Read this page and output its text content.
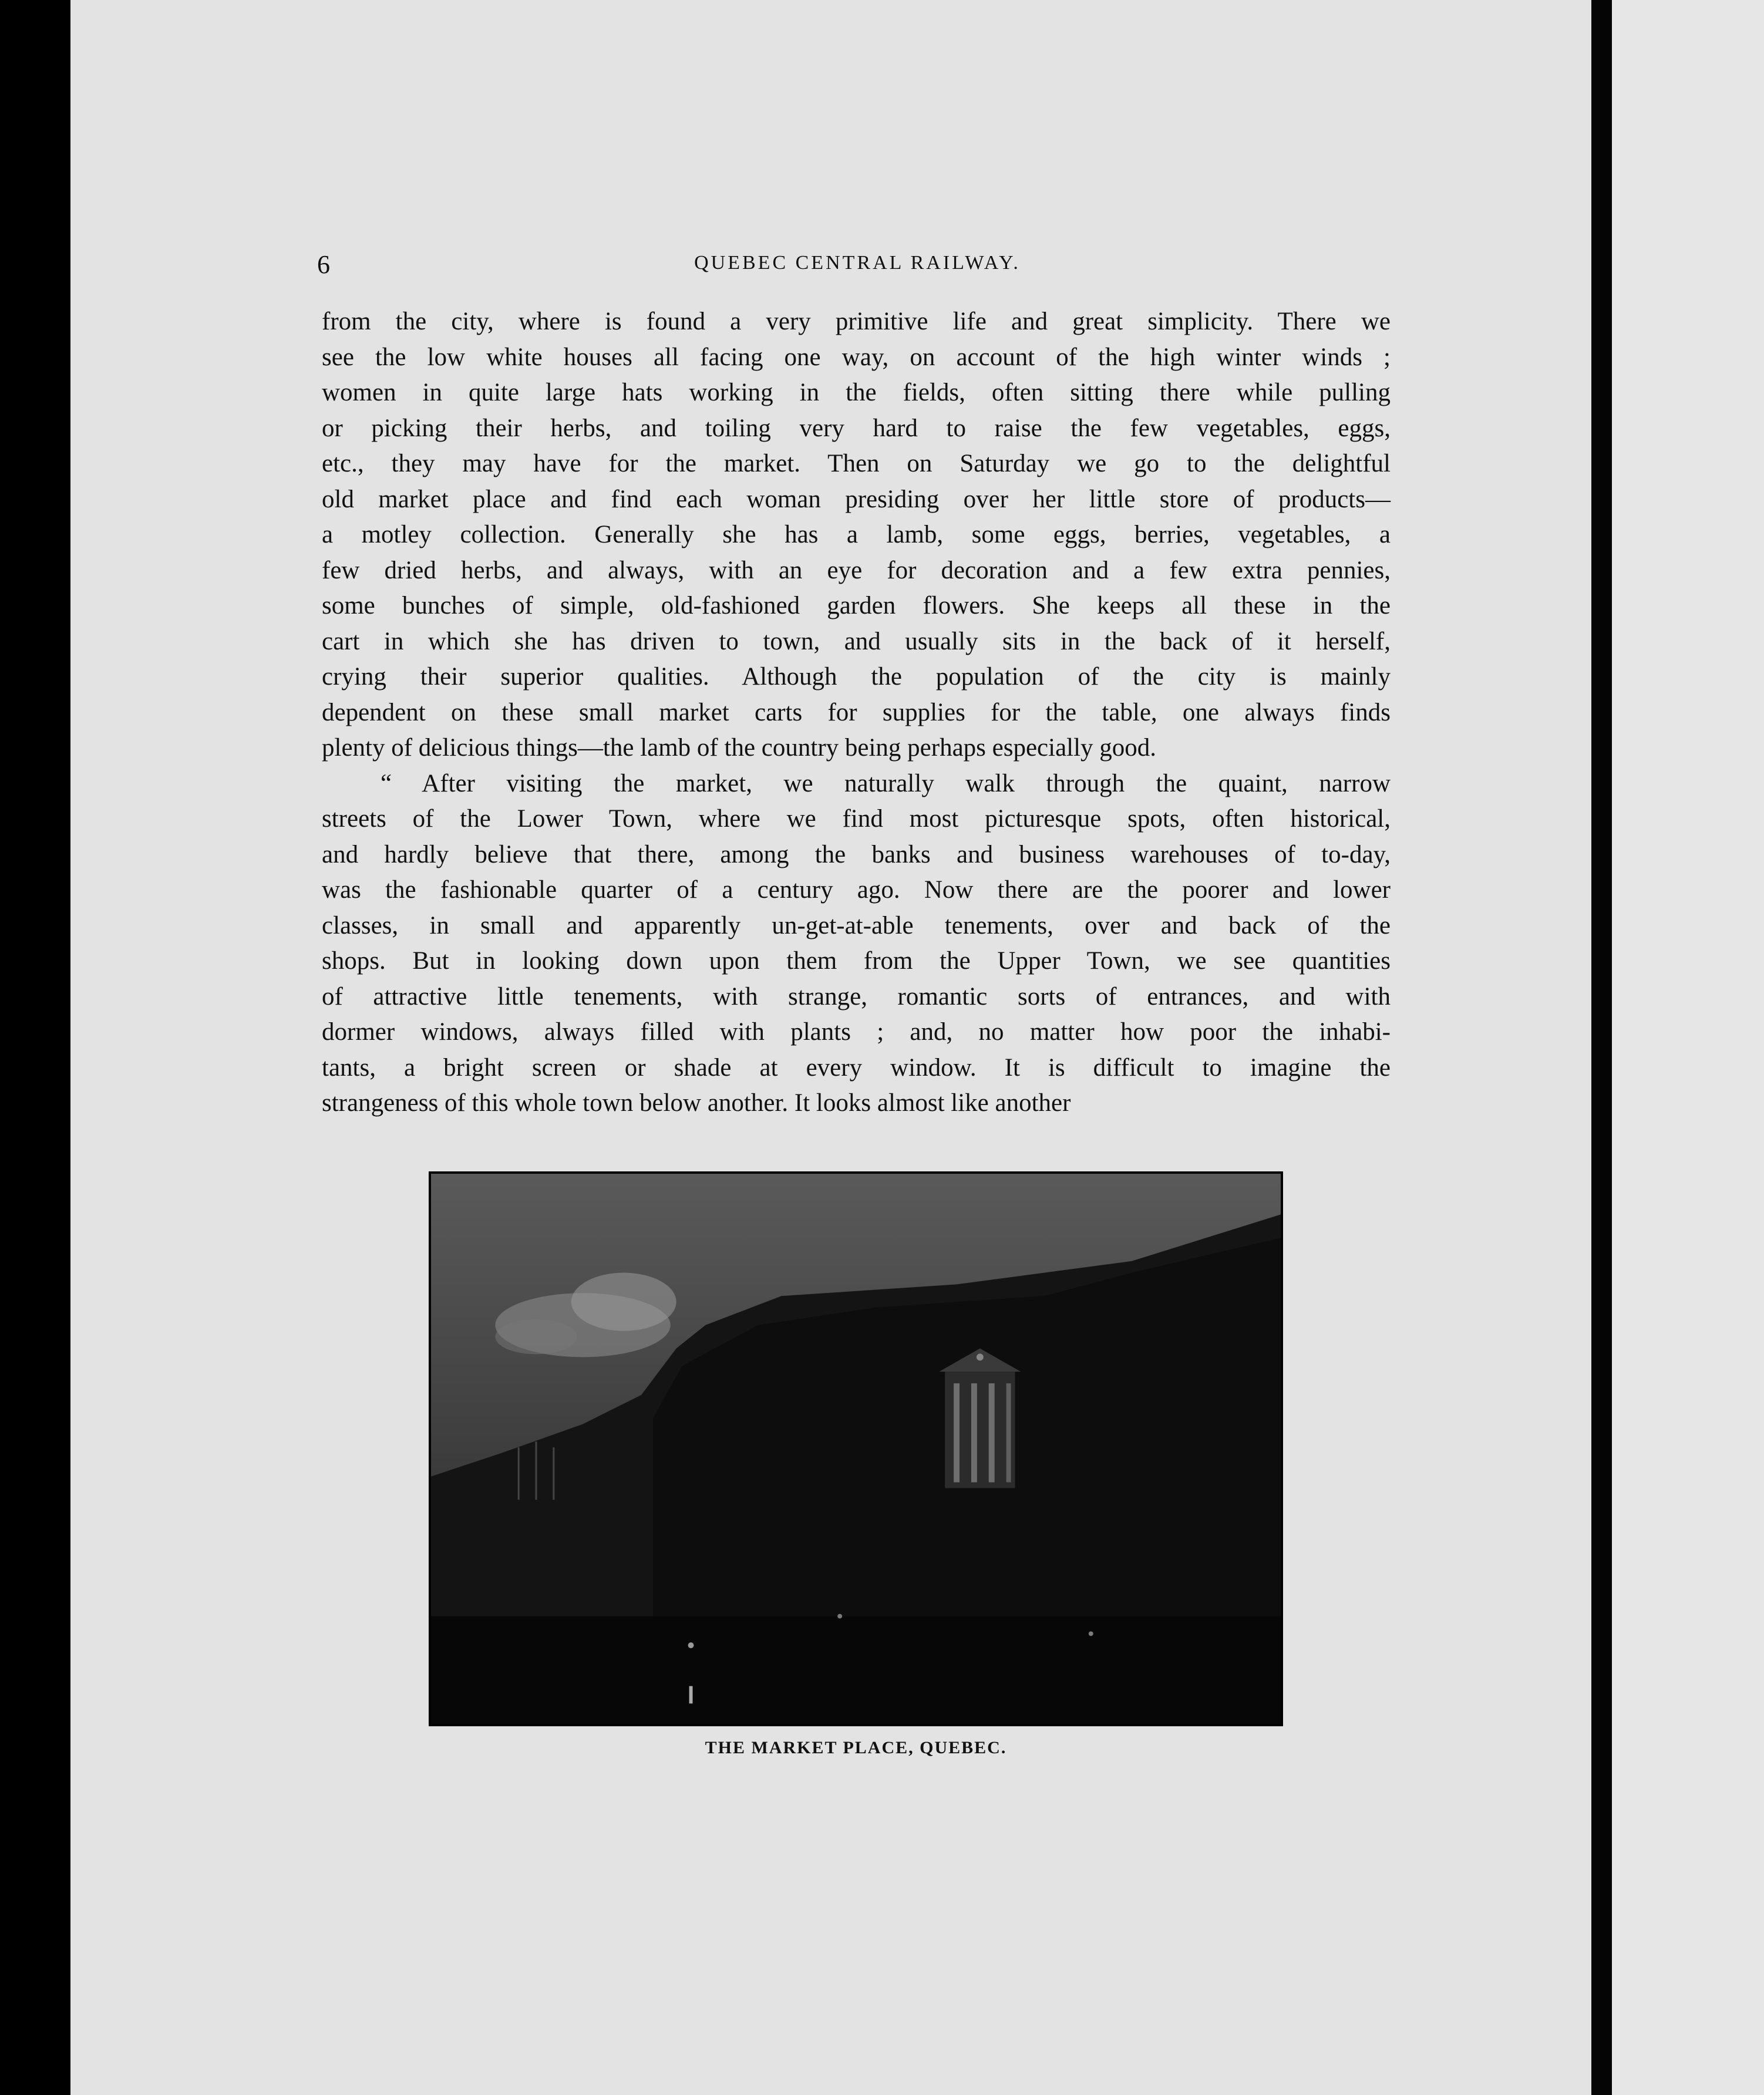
6	QUEBEC CENTRAL RAILWAY.
from the city, where is found a very primitive life and great simplicity. There we
see the low white houses all facing one way, on account of the high winter winds ;
women in quite large hats working in the fields, often sitting there while pulling
or picking their herbs, and toiling very hard to raise the few vegetables, eggs,
etc., they may have for the market. Then on Saturday we go to the delightful
old market place and find each woman presiding over her little store of products—
a motley collection. Generally she has a lamb, some eggs, berries, vegetables, a
few dried herbs, and always, with an eye for decoration and a few extra pennies,
some bunches of simple, old-fashioned garden flowers. She keeps all these in the
cart in which she has driven to town, and usually sits in the back of it herself,
crying their superior qualities. Although the population of the city is mainly
dependent on these small market carts for supplies for the table, one always finds
plenty of delicious things—the lamb of the country being perhaps especially good.
“ After visiting the market, we naturally walk through the quaint, narrow
streets of the Lower Town, where we find most picturesque spots, often historical,
and hardly believe that there, among the banks and business warehouses of to-day,
was the fashionable quarter of a century ago. Now there are the poorer and lower
classes, in small and apparently un-get-at-able tenements, over and back of the
shops. But in looking down upon them from the Upper Town, we see quantities
of attractive little tenements, with strange, romantic sorts of entrances, and with
dormer windows, always filled with plants ; and, no matter how poor the inhabi-
tants, a bright screen or shade at every window. It is difficult to imagine the
strangeness of this whole town below another. It looks almost like another
THE MARKET PLACE, QUEBEC.
